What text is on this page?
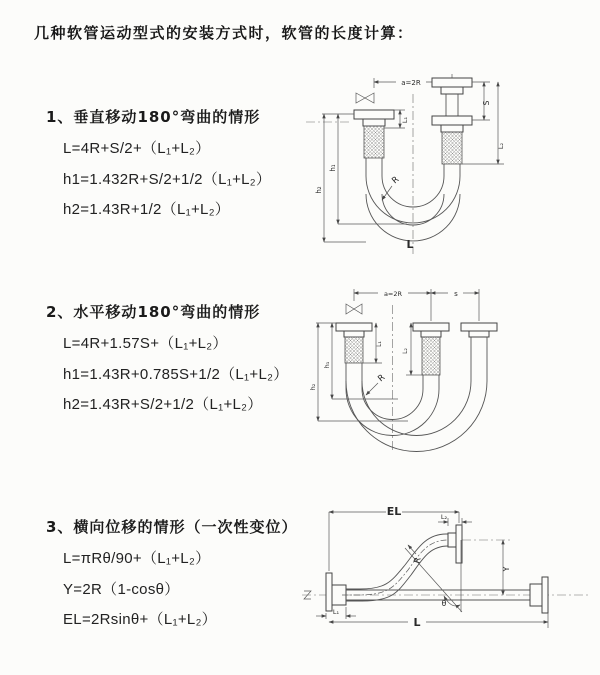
几种软管运动型式的安装方式时，软管的长度计算：
1、垂直移动180°弯曲的情形
L=4R+S/2+（L₁+L₂）
h1=1.432R+S/2+1/2（L₁+L₂）
h2=1.43R+1/2（L₁+L₂）
2、水平移动180°弯曲的情形
L=4R+1.57S+（L₁+L₂）
h1=1.43R+0.785S+1/2（L₁+L₂）
h2=1.43R+S/2+1/2（L₁+L₂）
3、横向位移的情形（一次性变位）
L=πRθ/90+（L₁+L₂）
Y=2R（1-cosθ）
EL=2Rsinθ+（L₁+L₂）
a=2R
h₁
h₂
L₁
S
L₂
R
L
a=2R	s
h₁
h₂
L₁
L₂
R
EL	L₂
Y
θ
R
L₁
L
